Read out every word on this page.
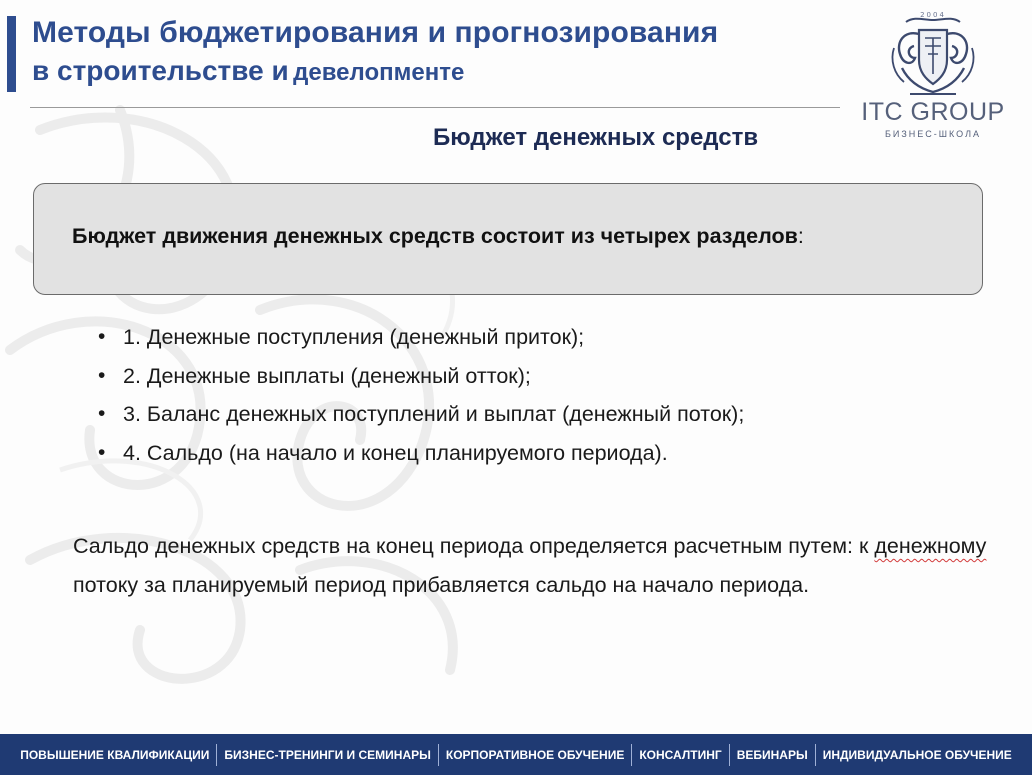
Методы бюджетирования и прогнозирования
в строительстве и девелопменте
2004
ITC GROUP
БИЗНЕС-ШКОЛА
Бюджет денежных средств
Бюджет движения денежных средств состоит из четырех разделов:
• 1. Денежные поступления (денежный приток);
• 2. Денежные выплаты (денежный отток);
• 3. Баланс денежных поступлений и выплат (денежный поток);
• 4. Сальдо (на начало и конец планируемого периода).
Сальдо денежных средств на конец периода определяется расчетным путем: к денежному потоку за планируемый период прибавляется сальдо на начало периода.
ПОВЫШЕНИЕ КВАЛИФИКАЦИИ	БИЗНЕС-ТРЕНИНГИ И СЕМИНАРЫ	КОРПОРАТИВНОЕ ОБУЧЕНИЕ	КОНСАЛТИНГ	ВЕБИНАРЫ	ИНДИВИДУАЛЬНОЕ ОБУЧЕНИЕ
